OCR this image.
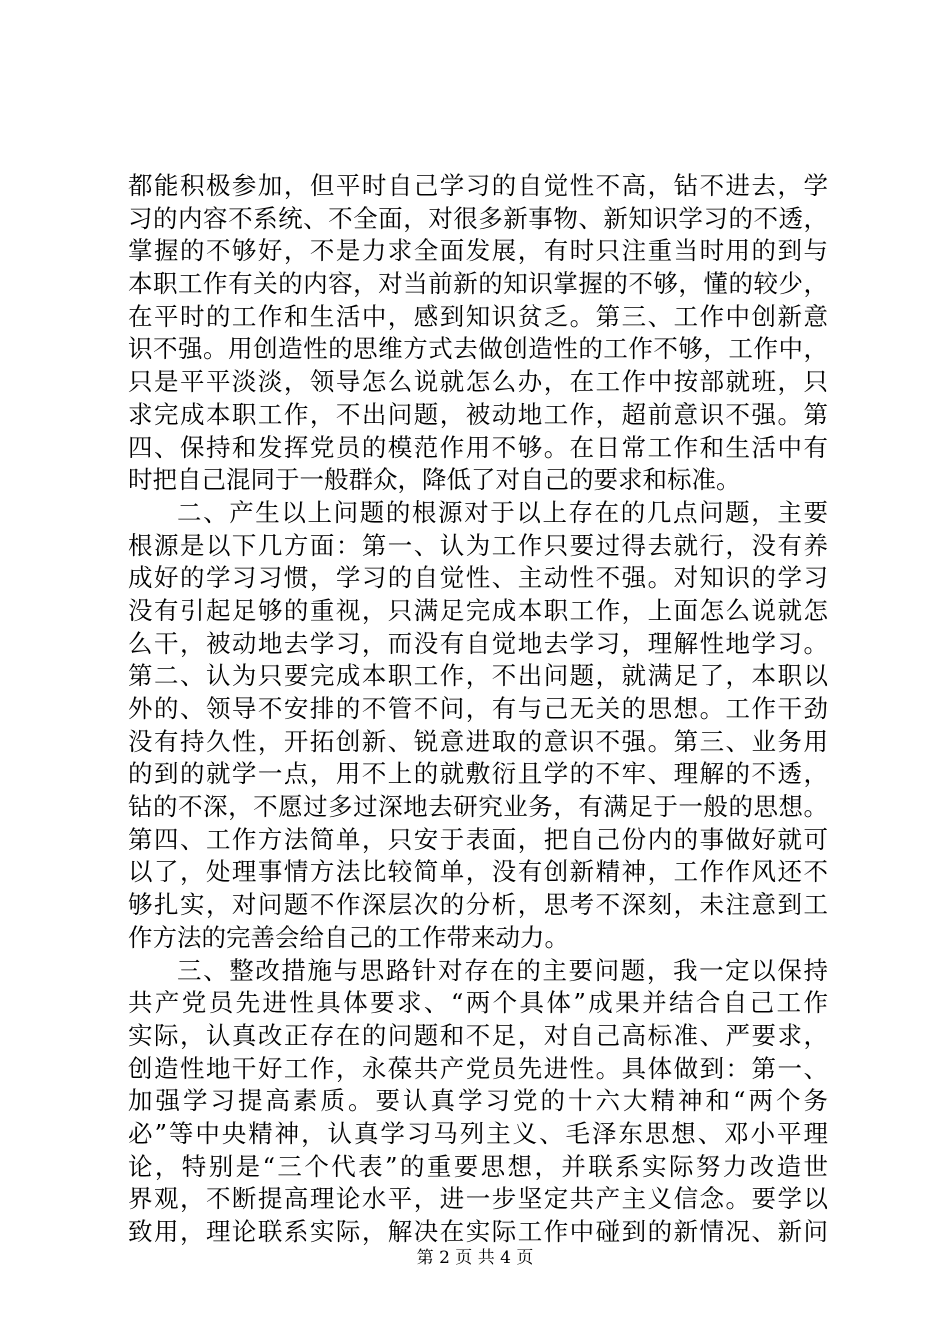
都能积极参加，但平时自己学习的自觉性不高，钻不进去，学
习的内容不系统、不全面，对很多新事物、新知识学习的不透，
掌握的不够好，不是力求全面发展，有时只注重当时用的到与
本职工作有关的内容，对当前新的知识掌握的不够，懂的较少，
在平时的工作和生活中，感到知识贫乏。第三、工作中创新意
识不强。用创造性的思维方式去做创造性的工作不够，工作中，
只是平平淡淡，领导怎么说就怎么办，在工作中按部就班，只
求完成本职工作，不出问题，被动地工作，超前意识不强。第
四、保持和发挥党员的模范作用不够。在日常工作和生活中有
时把自己混同于一般群众，降低了对自己的要求和标准。
二、产生以上问题的根源对于以上存在的几点问题，主要
根源是以下几方面：第一、认为工作只要过得去就行，没有养
成好的学习习惯，学习的自觉性、主动性不强。对知识的学习
没有引起足够的重视，只满足完成本职工作，上面怎么说就怎
么干，被动地去学习，而没有自觉地去学习，理解性地学习。
第二、认为只要完成本职工作，不出问题，就满足了，本职以
外的、领导不安排的不管不问，有与己无关的思想。工作干劲
没有持久性，开拓创新、锐意进取的意识不强。第三、业务用
的到的就学一点，用不上的就敷衍且学的不牢、理解的不透，
钻的不深，不愿过多过深地去研究业务，有满足于一般的思想。
第四、工作方法简单，只安于表面，把自己份内的事做好就可
以了，处理事情方法比较简单，没有创新精神，工作作风还不
够扎实，对问题不作深层次的分析，思考不深刻，未注意到工
作方法的完善会给自己的工作带来动力。
三、整改措施与思路针对存在的主要问题，我一定以保持
共产党员先进性具体要求、“两个具体”成果并结合自己工作
实际，认真改正存在的问题和不足，对自己高标准、严要求，
创造性地干好工作，永葆共产党员先进性。具体做到：第一、
加强学习提高素质。要认真学习党的十六大精神和“两个务
必”等中央精神，认真学习马列主义、毛泽东思想、邓小平理
论，特别是“三个代表”的重要思想，并联系实际努力改造世
界观，不断提高理论水平，进一步坚定共产主义信念。要学以
致用，理论联系实际，解决在实际工作中碰到的新情况、新问
第 2 页 共 4 页
